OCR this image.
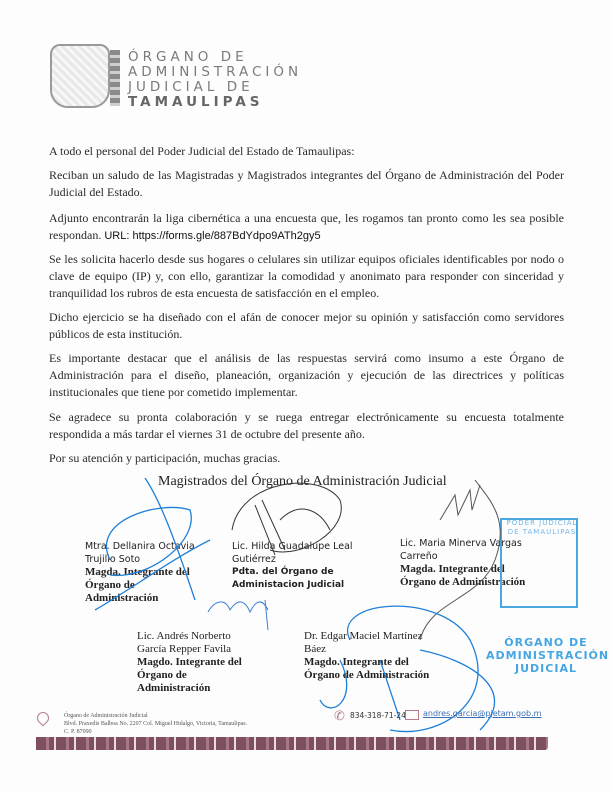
ÓRGANO DE
ADMINISTRACIÓN
JUDICIAL DE
TAMAULIPAS
A todo el personal del Poder Judicial del Estado de Tamaulipas:
Reciban un saludo de las Magistradas y Magistrados integrantes del Órgano de Administración del Poder Judicial del Estado.
Adjunto encontrarán la liga cibernética a una encuesta que, les rogamos tan pronto como les sea posible respondan. URL: https://forms.gle/887BdYdpo9ATh2gy5
Se les solicita hacerlo desde sus hogares o celulares sin utilizar equipos oficiales identificables por nodo o clave de equipo (IP) y, con ello, garantizar la comodidad y anonimato para responder con sinceridad y tranquilidad los rubros de esta encuesta de satisfacción en el empleo.
Dicho ejercicio se ha diseñado con el afán de conocer mejor su opinión y satisfacción como servidores públicos de esta institución.
Es importante destacar que el análisis de las respuestas servirá como insumo a este Órgano de Administración para el diseño, planeación, organización y ejecución de las directrices y políticas institucionales que tiene por cometido implementar.
Se agradece su pronta colaboración y se ruega entregar electrónicamente su encuesta totalmente respondida a más tardar el viernes 31 de octubre del presente año.
Por su atención y participación, muchas gracias.
Magistrados del Órgano de Administración Judicial
Mtra. Dellanira Octavia
Trujillo Soto
Magda. Integrante del
Órgano de
Administración
Lic. Hilda Guadalupe Leal
Gutiérrez
Pdta. del Órgano de
Administacion Judicial
Lic. Maria Minerva Vargas
Carreño
Magda. Integrante del
Órgano de Administración
Lic. Andrés Norberto
García Repper Favila
Magdo. Integrante del
Órgano de
Administración
Dr. Edgar Maciel Martínez
Báez
Magdo. Integrante del
Órgano de Administración
PODER JUDICIAL
DE TAMAULIPAS
ÓRGANO DE
ADMINISTRACIÓN
JUDICIAL
Órgano de Administración Judicial
Blvd. Praxedis Balboa No. 2207 Col. Miguel Hidalgo, Victoria, Tamaulipas.
C. P. 87090
✆ 834-318-71-24 andres.garcia@pjetam.gob.m
